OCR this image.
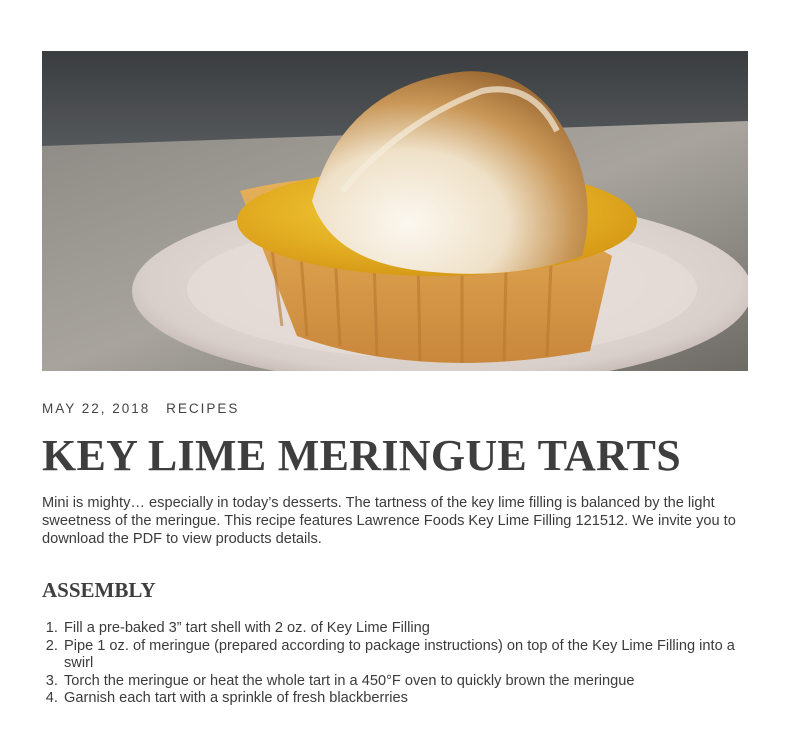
MAY 22, 2018 RECIPES
KEY LIME MERINGUE TARTS

Mini is mighty… especially in today’s desserts. The tartness of the key lime filling is balanced by the light sweetness of the meringue. This recipe features Lawrence Foods Key Lime Filling 121512. We invite you to download the PDF to view products details.

ASSEMBLY
1. Fill a pre-baked 3” tart shell with 2 oz. of Key Lime Filling
2. Pipe 1 oz. of meringue (prepared according to package instructions) on top of the Key Lime Filling into a swirl
3. Torch the meringue or heat the whole tart in a 450°F oven to quickly brown the meringue
4. Garnish each tart with a sprinkle of fresh blackberries
